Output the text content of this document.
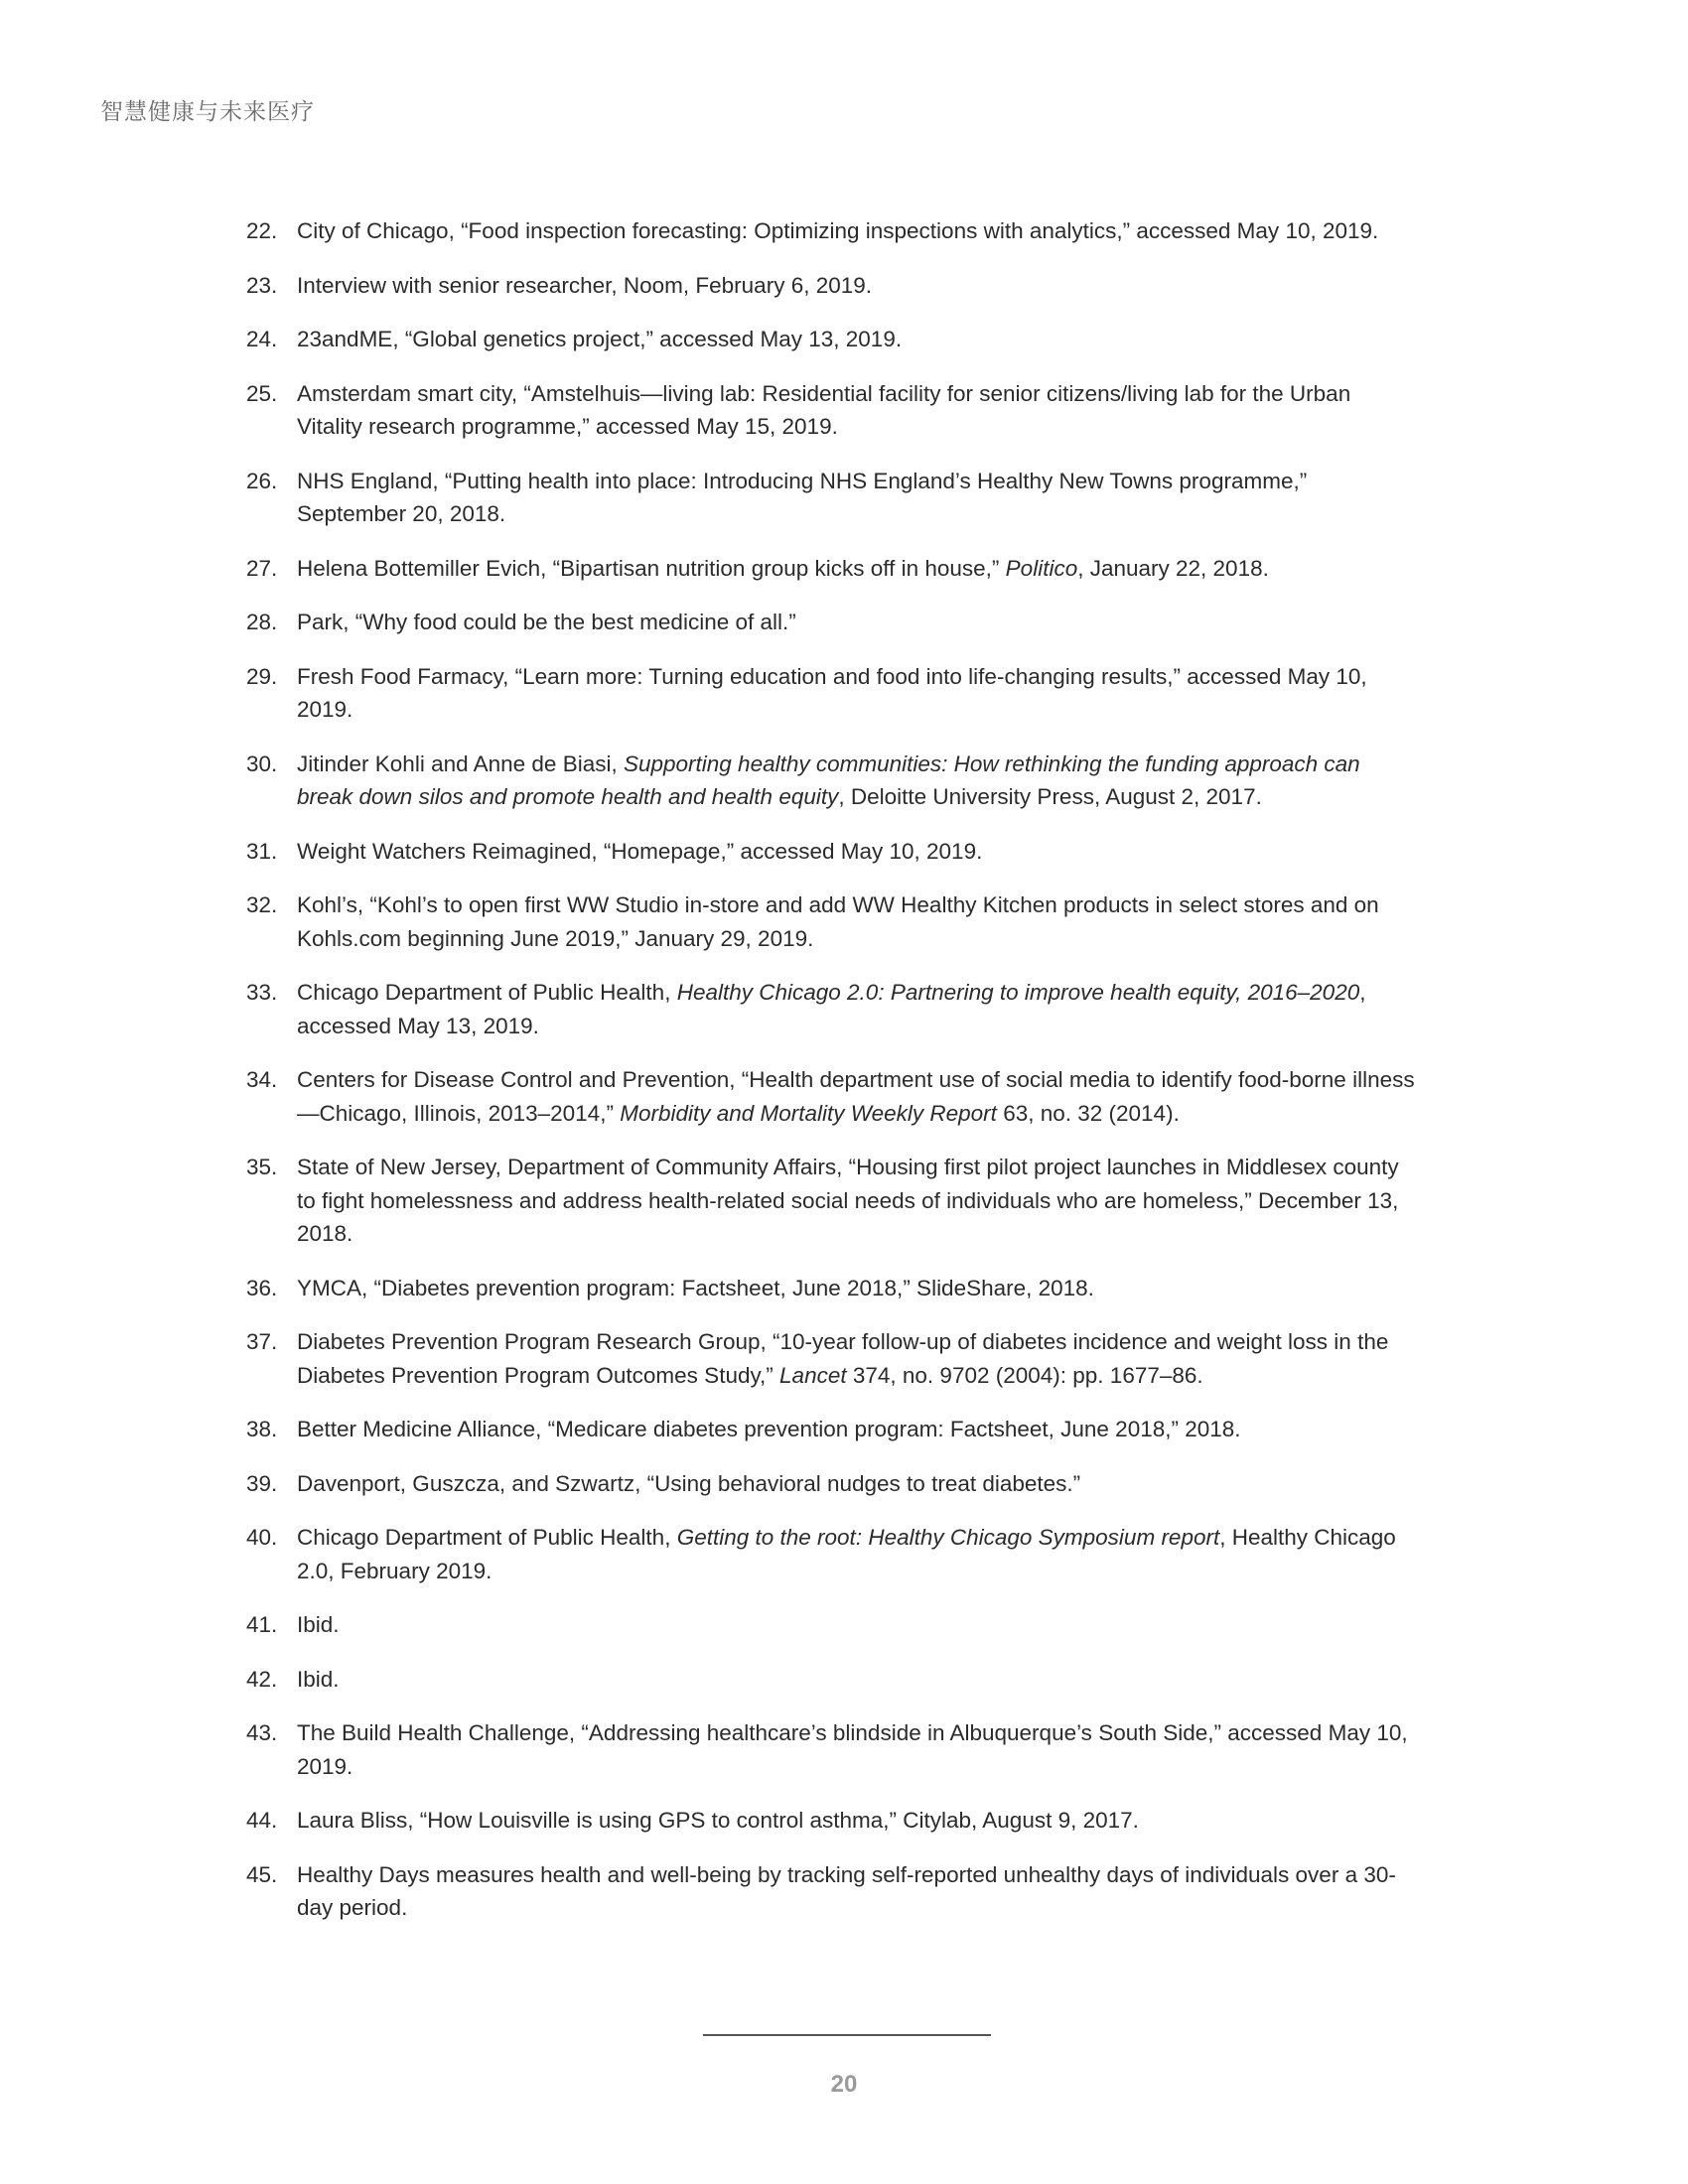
智慧健康与未来医疗
22. City of Chicago, “Food inspection forecasting: Optimizing inspections with analytics,” accessed May 10, 2019.
23. Interview with senior researcher, Noom, February 6, 2019.
24. 23andME, “Global genetics project,” accessed May 13, 2019.
25. Amsterdam smart city, “Amstelhuis—living lab: Residential facility for senior citizens/living lab for the Urban Vitality research programme,” accessed May 15, 2019.
26. NHS England, “Putting health into place: Introducing NHS England’s Healthy New Towns programme,” September 20, 2018.
27. Helena Bottemiller Evich, “Bipartisan nutrition group kicks off in house,” Politico, January 22, 2018.
28. Park, “Why food could be the best medicine of all.”
29. Fresh Food Farmacy, “Learn more: Turning education and food into life-changing results,” accessed May 10, 2019.
30. Jitinder Kohli and Anne de Biasi, Supporting healthy communities: How rethinking the funding approach can break down silos and promote health and health equity, Deloitte University Press, August 2, 2017.
31. Weight Watchers Reimagined, “Homepage,” accessed May 10, 2019.
32. Kohl’s, “Kohl’s to open first WW Studio in-store and add WW Healthy Kitchen products in select stores and on Kohls.com beginning June 2019,” January 29, 2019.
33. Chicago Department of Public Health, Healthy Chicago 2.0: Partnering to improve health equity, 2016–2020, accessed May 13, 2019.
34. Centers for Disease Control and Prevention, “Health department use of social media to identify food-borne illness—Chicago, Illinois, 2013–2014,” Morbidity and Mortality Weekly Report 63, no. 32 (2014).
35. State of New Jersey, Department of Community Affairs, “Housing first pilot project launches in Middlesex county to fight homelessness and address health-related social needs of individuals who are homeless,” December 13, 2018.
36. YMCA, “Diabetes prevention program: Factsheet, June 2018,” SlideShare, 2018.
37. Diabetes Prevention Program Research Group, “10-year follow-up of diabetes incidence and weight loss in the Diabetes Prevention Program Outcomes Study,” Lancet 374, no. 9702 (2004): pp. 1677–86.
38. Better Medicine Alliance, “Medicare diabetes prevention program: Factsheet, June 2018,” 2018.
39. Davenport, Guszcza, and Szwartz, “Using behavioral nudges to treat diabetes.”
40. Chicago Department of Public Health, Getting to the root: Healthy Chicago Symposium report, Healthy Chicago 2.0, February 2019.
41. Ibid.
42. Ibid.
43. The Build Health Challenge, “Addressing healthcare’s blindside in Albuquerque’s South Side,” accessed May 10, 2019.
44. Laura Bliss, “How Louisville is using GPS to control asthma,” Citylab, August 9, 2017.
45. Healthy Days measures health and well-being by tracking self-reported unhealthy days of individuals over a 30-day period.
20
